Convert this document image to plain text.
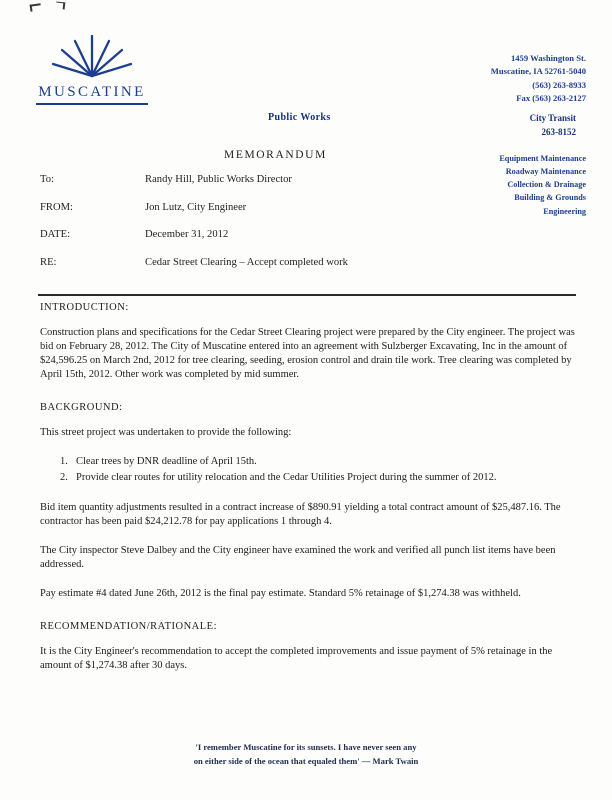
MUSCATINE
1459 Washington St.
Muscatine, IA 52761-5040
(563) 263-8933
Fax (563) 263-2127
Public Works	City Transit
263-8152
Equipment Maintenance
Roadway Maintenance
Collection & Drainage
Building & Grounds
Engineering
MEMORANDUM
To:	Randy Hill, Public Works Director
FROM:	Jon Lutz, City Engineer
DATE:	December 31, 2012
RE:	Cedar Street Clearing – Accept completed work
INTRODUCTION:

Construction plans and specifications for the Cedar Street Clearing project were prepared by the City engineer. The project was bid on February 28, 2012. The City of Muscatine entered into an agreement with Sulzberger Excavating, Inc in the amount of $24,596.25 on March 2nd, 2012 for tree clearing, seeding, erosion control and drain tile work. Tree clearing was completed by April 15th, 2012. Other work was completed by mid summer.

BACKGROUND:

This street project was undertaken to provide the following:

1. Clear trees by DNR deadline of April 15th.
2. Provide clear routes for utility relocation and the Cedar Utilities Project during the summer of 2012.

Bid item quantity adjustments resulted in a contract increase of $890.91 yielding a total contract amount of $25,487.16. The contractor has been paid $24,212.78 for pay applications 1 through 4.

The City inspector Steve Dalbey and the City engineer have examined the work and verified all punch list items have been addressed.

Pay estimate #4 dated June 26th, 2012 is the final pay estimate. Standard 5% retainage of $1,274.38 was withheld.

RECOMMENDATION/RATIONALE:

It is the City Engineer's recommendation to accept the completed improvements and issue payment of 5% retainage in the amount of $1,274.38 after 30 days.

'I remember Muscatine for its sunsets. I have never seen any
on either side of the ocean that equaled them' — Mark Twain
